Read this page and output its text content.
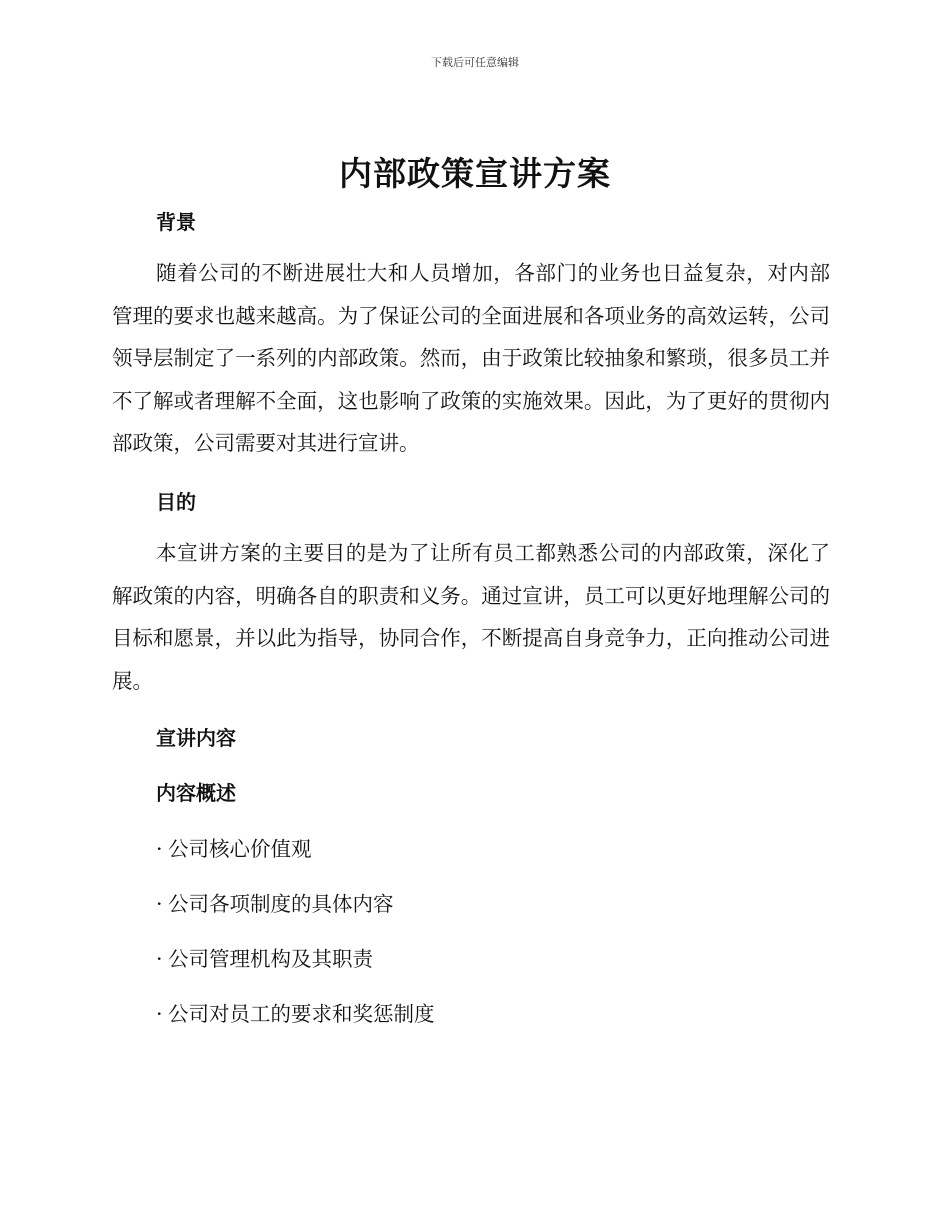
下载后可任意编辑
内部政策宣讲方案
背景

随着公司的不断进展壮大和人员增加，各部门的业务也日益复杂，对内部管理的要求也越来越高。为了保证公司的全面进展和各项业务的高效运转，公司领导层制定了一系列的内部政策。然而，由于政策比较抽象和繁琐，很多员工并不了解或者理解不全面，这也影响了政策的实施效果。因此，为了更好的贯彻内部政策，公司需要对其进行宣讲。

目的

本宣讲方案的主要目的是为了让所有员工都熟悉公司的内部政策，深化了解政策的内容，明确各自的职责和义务。通过宣讲，员工可以更好地理解公司的目标和愿景，并以此为指导，协同合作，不断提高自身竞争力，正向推动公司进展。

宣讲内容
内容概述

· 公司核心价值观

· 公司各项制度的具体内容

· 公司管理机构及其职责

· 公司对员工的要求和奖惩制度
